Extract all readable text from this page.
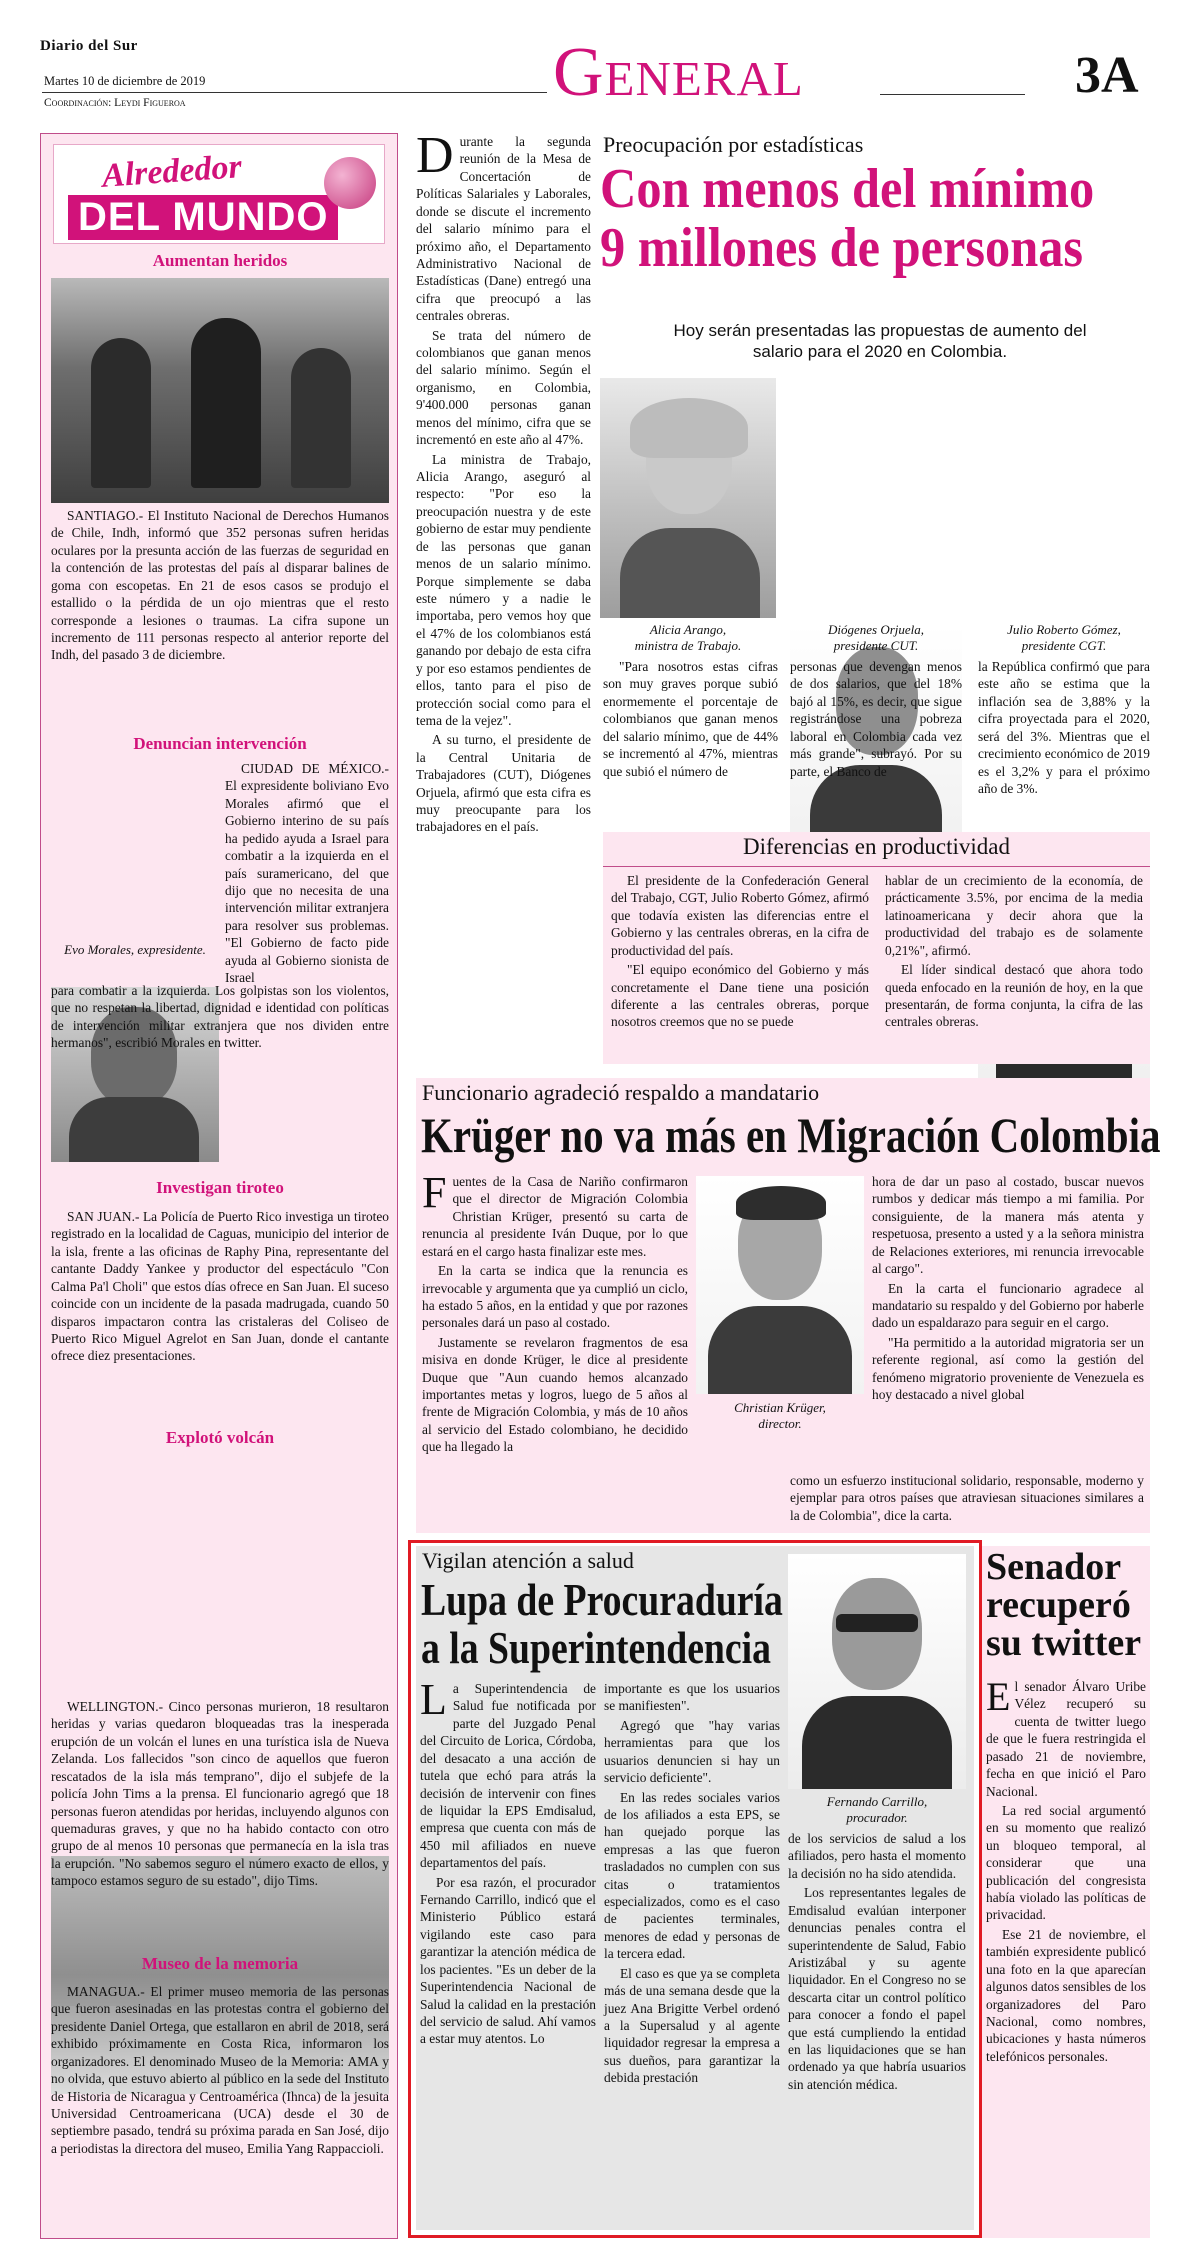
Diario del Sur
Martes 10 de diciembre de 2019
Coordinación: Leydi Figueroa	General	3A
Alrededor
DEL MUNDO
Aumentan heridos

SANTIAGO.- El Instituto Nacional de Derechos Humanos de Chile, Indh, informó que 352 personas sufren heridas oculares por la presunta acción de las fuerzas de seguridad en la contención de las protestas del país al disparar balines de goma con escopetas. En 21 de esos casos se produjo el estallido o la pérdida de un ojo mientras que el resto corresponde a lesiones o traumas. La cifra supone un incremento de 111 personas respecto al anterior reporte del Indh, del pasado 3 de diciembre.

Denuncian intervención
Evo Morales, expresidente.

CIUDAD DE MÉXICO.- El expresidente boliviano Evo Morales afirmó que el Gobierno interino de su país ha pedido ayuda a Israel para combatir a la izquierda en el país suramericano, del que dijo que no necesita de una intervención militar extranjera para resolver sus problemas. "El Gobierno de facto pide ayuda al Gobierno sionista de Israel

para combatir a la izquierda. Los golpistas son los violentos, que no respetan la libertad, dignidad e identidad con políticas de intervención militar extranjera que nos dividen entre hermanos", escribió Morales en twitter.

Investigan tiroteo

SAN JUAN.- La Policía de Puerto Rico investiga un tiroteo registrado en la localidad de Caguas, municipio del interior de la isla, frente a las oficinas de Raphy Pina, representante del cantante Daddy Yankee y productor del espectáculo "Con Calma Pa'l Choli" que estos días ofrece en San Juan. El suceso coincide con un incidente de la pasada madrugada, cuando 50 disparos impactaron contra las cristaleras del Coliseo de Puerto Rico Miguel Agrelot en San Juan, donde el cantante ofrece diez presentaciones.

Explotó volcán

WELLINGTON.- Cinco personas murieron, 18 resultaron heridas y varias quedaron bloqueadas tras la inesperada erupción de un volcán el lunes en una turística isla de Nueva Zelanda. Los fallecidos "son cinco de aquellos que fueron rescatados de la isla más temprano", dijo el subjefe de la policía John Tims a la prensa. El funcionario agregó que 18 personas fueron atendidas por heridas, incluyendo algunos con quemaduras graves, y que no ha habido contacto con otro grupo de al menos 10 personas que permanecía en la isla tras la erupción. "No sabemos seguro el número exacto de ellos, y tampoco estamos seguro de su estado", dijo Tims.

Museo de la memoria

MANAGUA.- El primer museo memoria de las personas que fueron asesinadas en las protestas contra el gobierno del presidente Daniel Ortega, que estallaron en abril de 2018, será exhibido próximamente en Costa Rica, informaron los organizadores. El denominado Museo de la Memoria: AMA y no olvida, que estuvo abierto al público en la sede del Instituto de Historia de Nicaragua y Centroamérica (Ihnca) de la jesuita Universidad Centroamericana (UCA) desde el 30 de septiembre pasado, tendrá su próxima parada en San José, dijo a periodistas la directora del museo, Emilia Yang Rappaccioli.

Durante la segunda reunión de la Mesa de Concertación de Políticas Salariales y Laborales, donde se discute el incremento del salario mínimo para el próximo año, el Departamento Administrativo Nacional de Estadísticas (Dane) entregó una cifra que preocupó a las centrales obreras.

Se trata del número de colombianos que ganan menos del salario mínimo. Según el organismo, en Colombia, 9'400.000 personas ganan menos del mínimo, cifra que se incrementó en este año al 47%.

La ministra de Trabajo, Alicia Arango, aseguró al respecto: "Por eso la preocupación nuestra y de este gobierno de estar muy pendiente de las personas que ganan menos de un salario mínimo. Porque simplemente se daba este número y a nadie le importaba, pero vemos hoy que el 47% de los colombianos está ganando por debajo de esta cifra y por eso estamos pendientes de ellos, tanto para el piso de protección social como para el tema de la vejez".

A su turno, el presidente de la Central Unitaria de Trabajadores (CUT), Diógenes Orjuela, afirmó que esta cifra es muy preocupante para los trabajadores en el país.

Preocupación por estadísticas
Con menos del mínimo
9 millones de personas
Hoy serán presentadas las propuestas de aumento del salario para el 2020 en Colombia.
Alicia Arango,
ministra de Trabajo.
Diógenes Orjuela,
presidente CUT.
Julio Roberto Gómez,
presidente CGT.

"Para nosotros estas cifras son muy graves porque subió enormemente el porcentaje de colombianos que ganan menos del salario mínimo, que de 44% se incrementó al 47%, mientras que subió el número de

personas que devengan menos de dos salarios, que del 18% bajó al 15%, es decir, que sigue registrándose una pobreza laboral en Colombia cada vez más grande", subrayó. Por su parte, el Banco de

la República confirmó que para este año se estima que la inflación sea de 3,88% y la cifra proyectada para el 2020, será del 3%. Mientras que el crecimiento económico de 2019 es el 3,2% y para el próximo año de 3%.

Diferencias en productividad

El presidente de la Confederación General del Trabajo, CGT, Julio Roberto Gómez, afirmó que todavía existen las diferencias entre el Gobierno y las centrales obreras, en la cifra de productividad del país.

"El equipo económico del Gobierno y más concretamente el Dane tiene una posición diferente a las centrales obreras, porque nosotros creemos que no se puede

hablar de un crecimiento de la economía, de prácticamente 3.5%, por encima de la media latinoamericana y decir ahora que la productividad del trabajo es de solamente 0,21%", afirmó.

El líder sindical destacó que ahora todo queda enfocado en la reunión de hoy, en la que presentarán, de forma conjunta, la cifra de las centrales obreras.

Funcionario agradeció respaldo a mandatario
Krüger no va más en Migración Colombia

Fuentes de la Casa de Nariño confirmaron que el director de Migración Colombia Christian Krüger, presentó su carta de renuncia al presidente Iván Duque, por lo que estará en el cargo hasta finalizar este mes.

En la carta se indica que la renuncia es irrevocable y argumenta que ya cumplió un ciclo, ha estado 5 años, en la entidad y que por razones personales dará un paso al costado.

Justamente se revelaron fragmentos de esa misiva en donde Krüger, le dice al presidente Duque que "Aun cuando hemos alcanzado importantes metas y logros, luego de 5 años al frente de Migración Colombia, y más de 10 años al servicio del Estado colombiano, he decidido que ha llegado la

Christian Krüger,
director.

hora de dar un paso al costado, buscar nuevos rumbos y dedicar más tiempo a mi familia. Por consiguiente, de la manera más atenta y respetuosa, presento a usted y a la señora ministra de Relaciones exteriores, mi renuncia irrevocable al cargo".

En la carta el funcionario agradece al mandatario su respaldo y del Gobierno por haberle dado un espaldarazo para seguir en el cargo.

"Ha permitido a la autoridad migratoria ser un referente regional, así como la gestión del fenómeno migratorio proveniente de Venezuela es hoy destacado a nivel global

como un esfuerzo institucional solidario, responsable, moderno y ejemplar para otros países que atraviesan situaciones similares a la de Colombia", dice la carta.

Vigilan atención a salud
Lupa de Procuraduría
a la Superintendencia

La Superintendencia de Salud fue notificada por parte del Juzgado Penal del Circuito de Lorica, Córdoba, del desacato a una acción de tutela que echó para atrás la decisión de intervenir con fines de liquidar la EPS Emdisalud, empresa que cuenta con más de 450 mil afiliados en nueve departamentos del país.

Por esa razón, el procurador Fernando Carrillo, indicó que el Ministerio Público estará vigilando este caso para garantizar la atención médica de los pacientes. "Es un deber de la Superintendencia Nacional de Salud la calidad en la prestación del servicio de salud. Ahí vamos a estar muy atentos. Lo

importante es que los usuarios se manifiesten".

Agregó que "hay varias herramientas para que los usuarios denuncien si hay un servicio deficiente".

En las redes sociales varios de los afiliados a esta EPS, se han quejado porque las empresas a las que fueron trasladados no cumplen con sus citas o tratamientos especializados, como es el caso de pacientes terminales, menores de edad y personas de la tercera edad.

El caso es que ya se completa más de una semana desde que la juez Ana Brigitte Verbel ordenó a la Supersalud y al agente liquidador regresar la empresa a sus dueños, para garantizar la debida prestación

Fernando Carrillo,
procurador.

de los servicios de salud a los afiliados, pero hasta el momento la decisión no ha sido atendida.

Los representantes legales de Emdisalud evalúan interponer denuncias penales contra el superintendente de Salud, Fabio Aristizábal y su agente liquidador. En el Congreso no se descarta citar un control político para conocer a fondo el papel que está cumpliendo la entidad en las liquidaciones que se han ordenado ya que habría usuarios sin atención médica.

Senador recuperó su twitter

El senador Álvaro Uribe Vélez recuperó su cuenta de twitter luego de que le fuera restringida el pasado 21 de noviembre, fecha en que inició el Paro Nacional.

La red social argumentó en su momento que realizó un bloqueo temporal, al considerar que una publicación del congresista había violado las políticas de privacidad.

Ese 21 de noviembre, el también expresidente publicó una foto en la que aparecían algunos datos sensibles de los organizadores del Paro Nacional, como nombres, ubicaciones y hasta números telefónicos personales.
